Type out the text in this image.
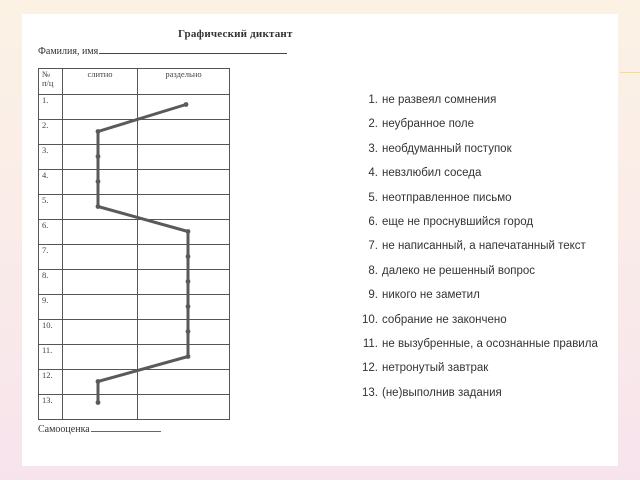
Графический диктант
Фамилия, имя
№ п/ц	слитно	раздельно
1.		
2.		
3.		
4.		
5.		
6.		
7.		
8.		
9.		
10.		
11.		
12.		
13.		
Самооценка
1. не развеял сомнения
2. неубранное поле
3. необдуманный поступок
4. невзлюбил соседа
5. неотправленное письмо
6. еще не проснувшийся город
7. не написанный, а напечатанный текст
8. далеко не решенный вопрос
9. никого не заметил
10. собрание не закончено
11. не вызубренные, а осознанные правила
12. нетронутый завтрак
13. (не)выполнив задания
